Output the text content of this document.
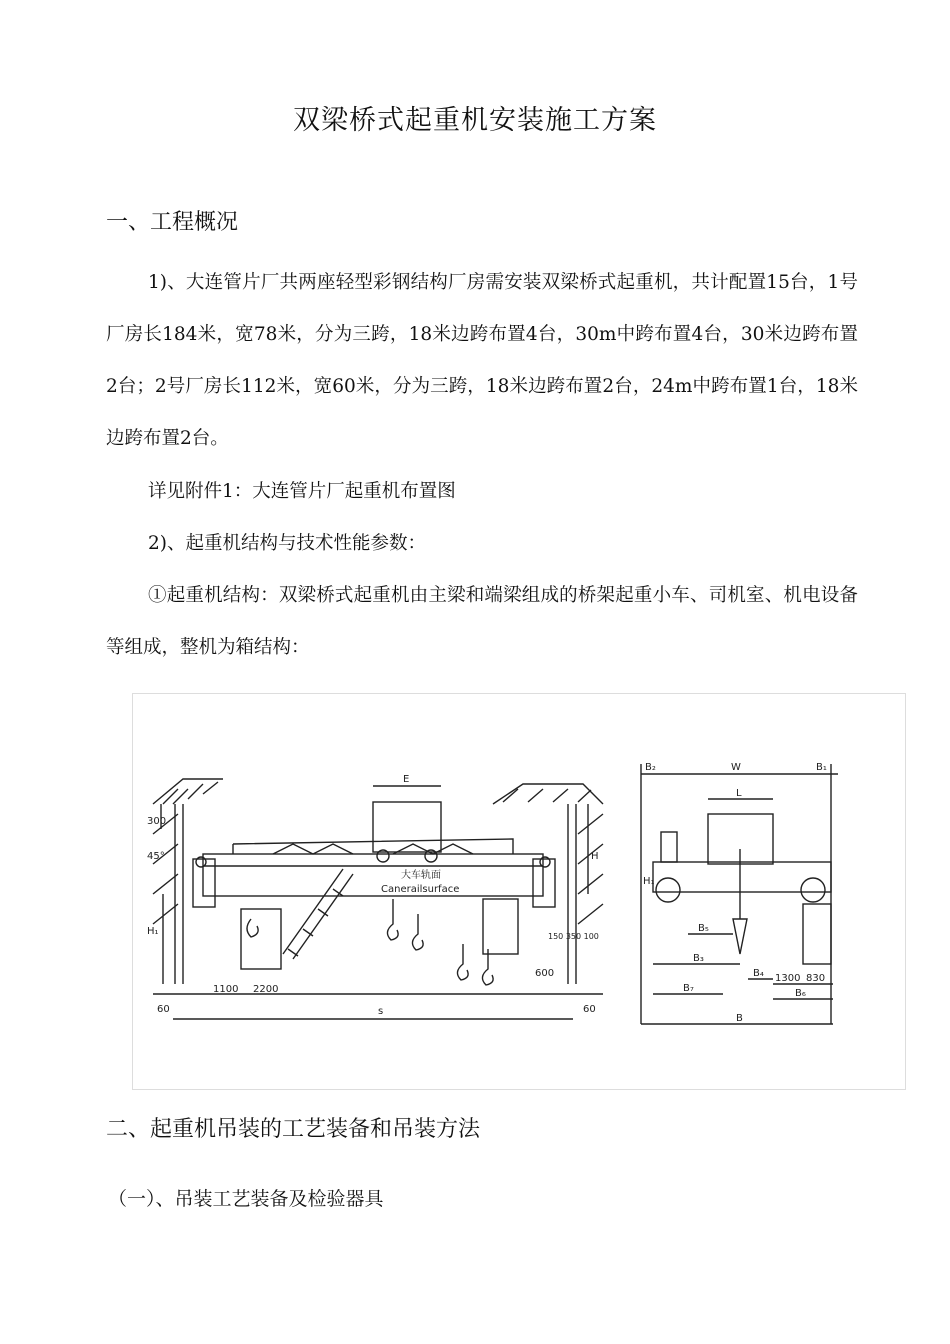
双梁桥式起重机安装施工方案
一、工程概况
1)、大连管片厂共两座轻型彩钢结构厂房需安装双梁桥式起重机，共计配置15台，1号厂房长184米，宽78米，分为三跨，18米边跨布置4台，30m中跨布置4台，30米边跨布置2台；2号厂房长112米，宽60米，分为三跨，18米边跨布置2台，24m中跨布置1台，18米边跨布置2台。
详见附件1：大连管片厂起重机布置图
2)、起重机结构与技术性能参数：
①起重机结构：双梁桥式起重机由主梁和端梁组成的桥架起重小车、司机室、机电设备等组成，整机为箱结构：
E
大车轨面
Canerailsurface
300
45°
H₁
H
1100 2200
s
600
60	60
150 350 100
B₂	W	B₁
L
H₁
B₅
B₃
B₇
B₄ 1300 830
B₆
B
二、起重机吊装的工艺装备和吊装方法
（一）、吊装工艺装备及检验器具
